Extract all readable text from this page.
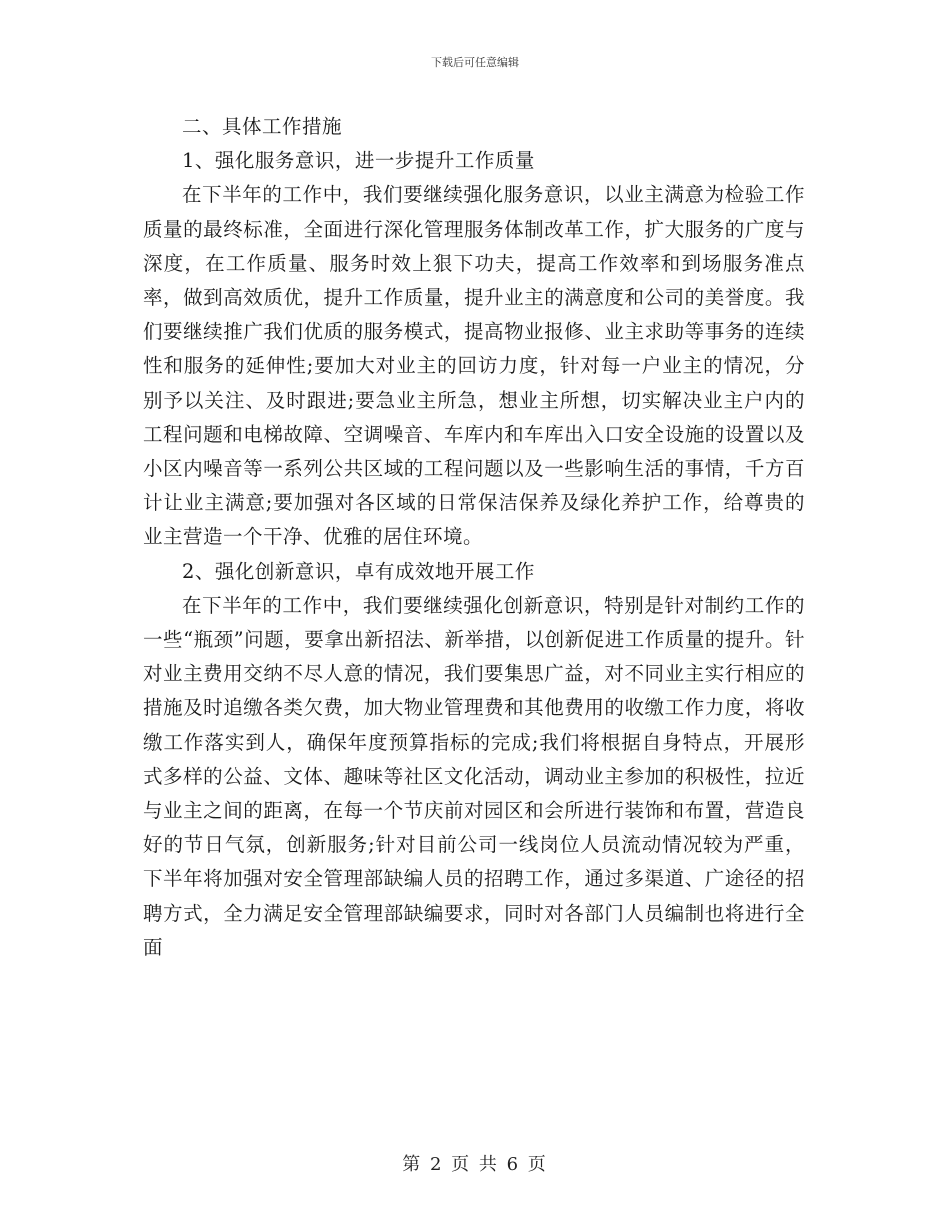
下载后可任意编辑

二、具体工作措施

1、强化服务意识，进一步提升工作质量

在下半年的工作中，我们要继续强化服务意识，以业主满意为检验工作质量的最终标准，全面进行深化管理服务体制改革工作，扩大服务的广度与深度，在工作质量、服务时效上狠下功夫，提高工作效率和到场服务准点率，做到高效质优，提升工作质量，提升业主的满意度和公司的美誉度。我们要继续推广我们优质的服务模式，提高物业报修、业主求助等事务的连续性和服务的延伸性;要加大对业主的回访力度，针对每一户业主的情况，分别予以关注、及时跟进;要急业主所急，想业主所想，切实解决业主户内的工程问题和电梯故障、空调噪音、车库内和车库出入口安全设施的设置以及小区内噪音等一系列公共区域的工程问题以及一些影响生活的事情，千方百计让业主满意;要加强对各区域的日常保洁保养及绿化养护工作，给尊贵的业主营造一个干净、优雅的居住环境。

2、强化创新意识，卓有成效地开展工作

在下半年的工作中，我们要继续强化创新意识，特别是针对制约工作的一些“瓶颈”问题，要拿出新招法、新举措，以创新促进工作质量的提升。针对业主费用交纳不尽人意的情况，我们要集思广益，对不同业主实行相应的措施及时追缴各类欠费，加大物业管理费和其他费用的收缴工作力度，将收缴工作落实到人，确保年度预算指标的完成;我们将根据自身特点，开展形式多样的公益、文体、趣味等社区文化活动，调动业主参加的积极性，拉近与业主之间的距离，在每一个节庆前对园区和会所进行装饰和布置，营造良好的节日气氛，创新服务;针对目前公司一线岗位人员流动情况较为严重，下半年将加强对安全管理部缺编人员的招聘工作，通过多渠道、广途径的招聘方式，全力满足安全管理部缺编要求，同时对各部门人员编制也将进行全面

第 2 页 共 6 页
